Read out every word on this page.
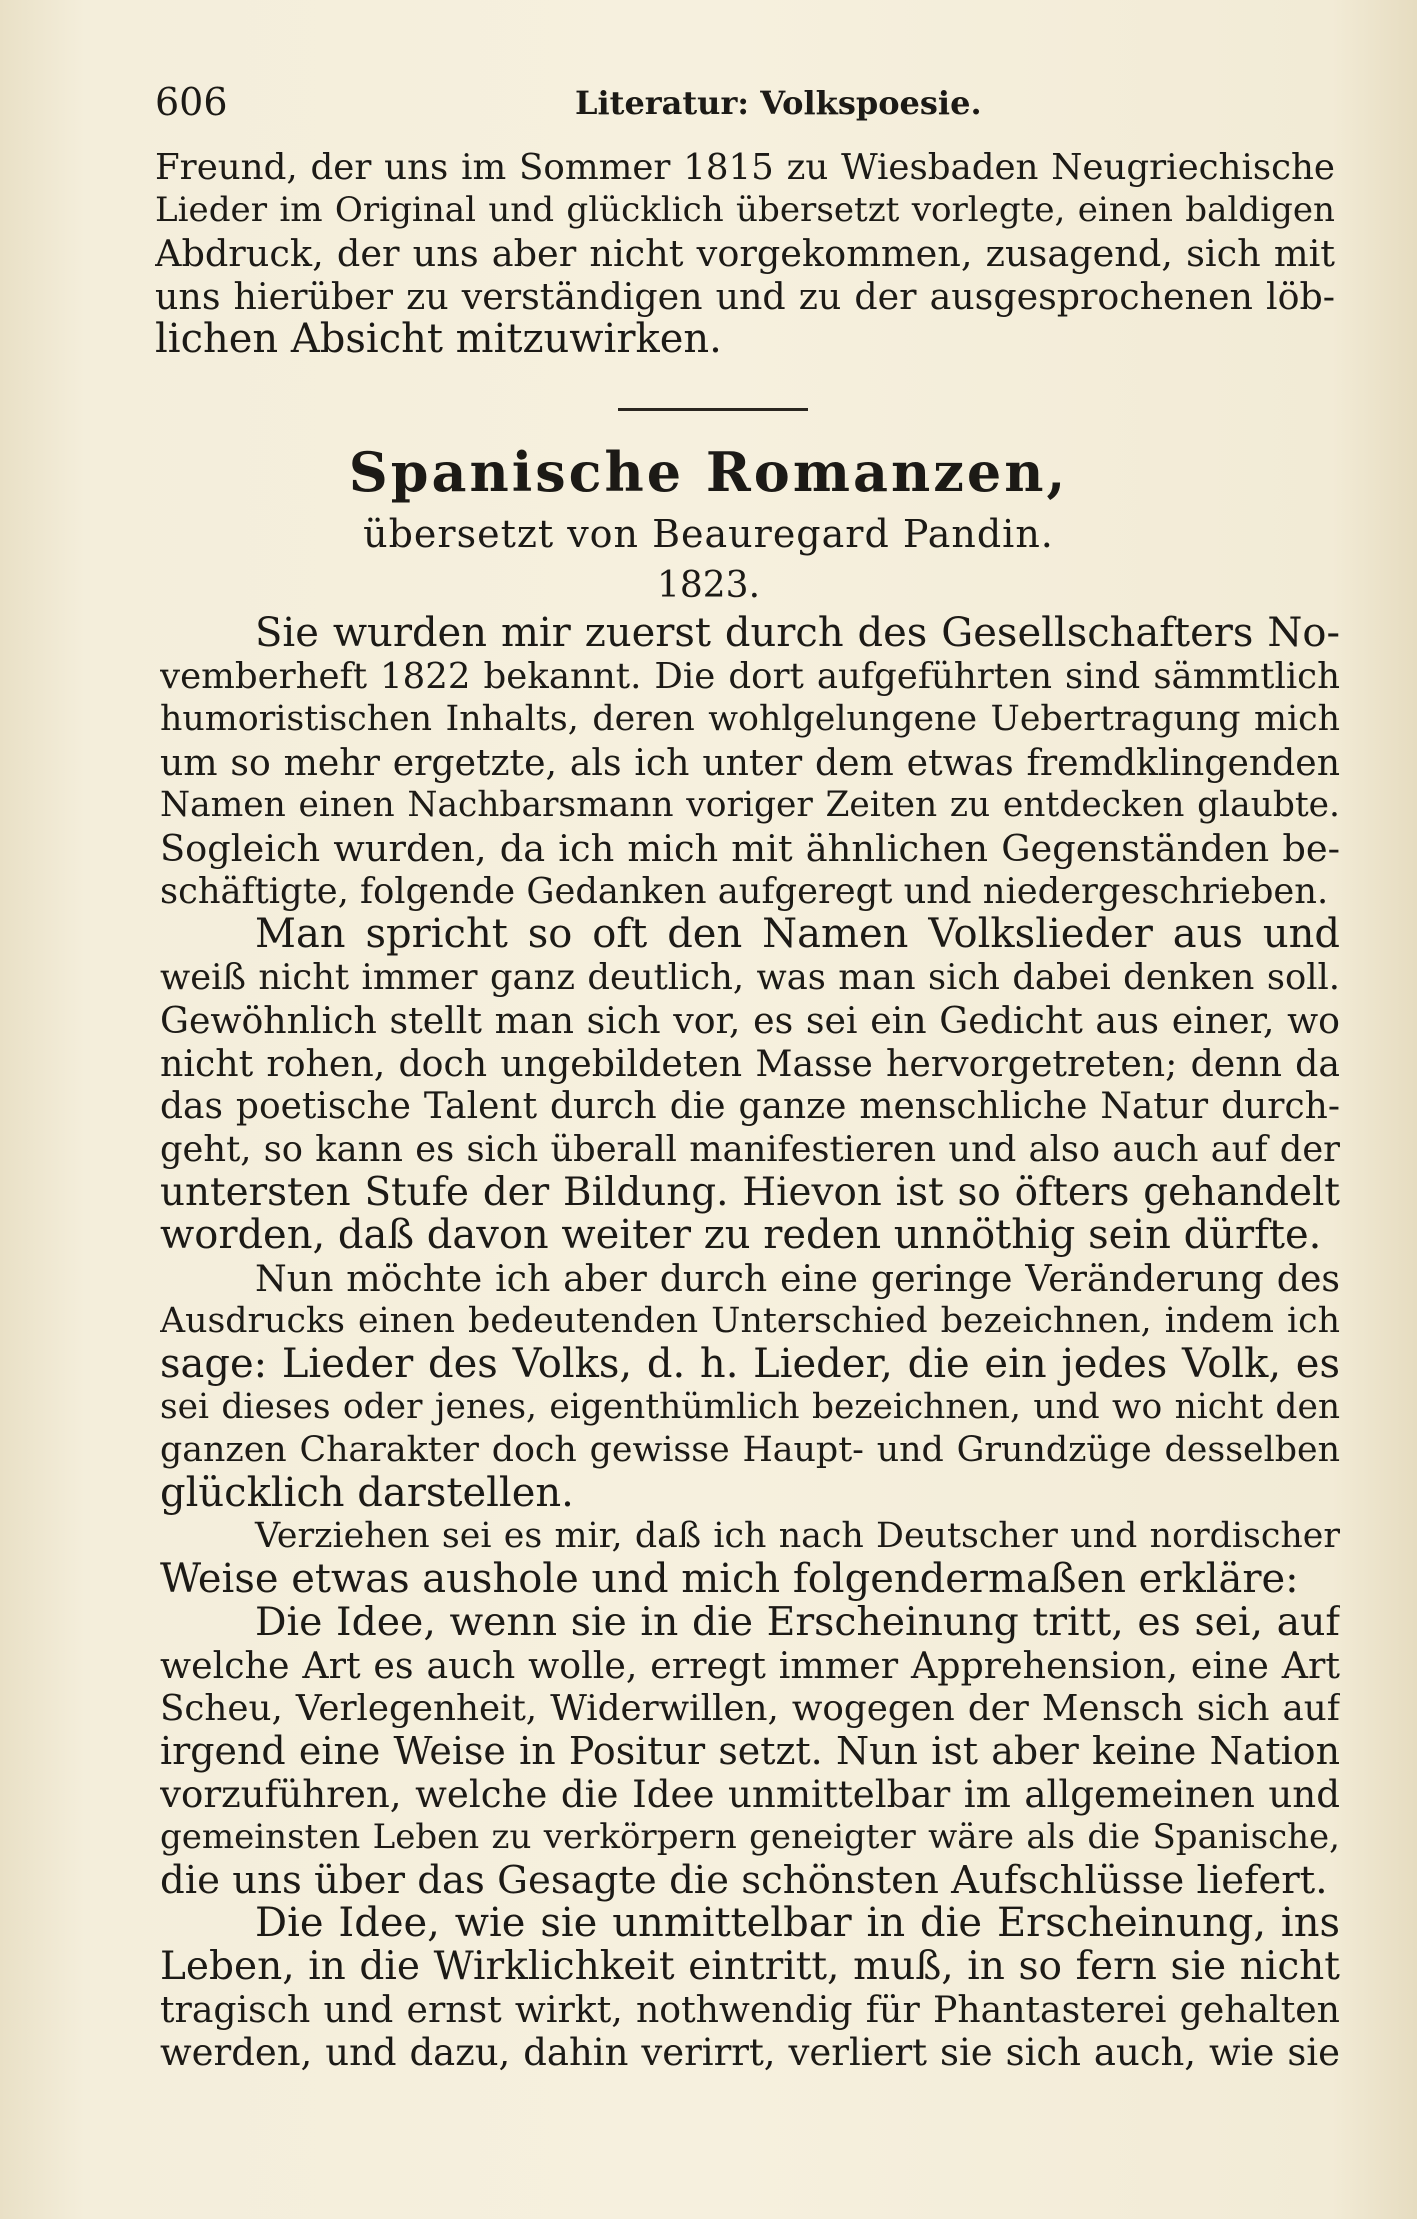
606	Literatur: Volkspoesie.
Freund, der uns im Sommer 1815 zu Wiesbaden Neugriechische
Lieder im Original und glücklich übersetzt vorlegte, einen baldigen
Abdruck, der uns aber nicht vorgekommen, zusagend, sich mit
uns hierüber zu verständigen und zu der ausgesprochenen löb-
lichen Absicht mitzuwirken.
Spanische Romanzen,
übersetzt von Beauregard Pandin.
1823.
Sie wurden mir zuerst durch des Gesellschafters No-
vemberheft 1822 bekannt. Die dort aufgeführten sind sämmtlich
humoristischen Inhalts, deren wohlgelungene Uebertragung mich
um so mehr ergetzte, als ich unter dem etwas fremdklingenden
Namen einen Nachbarsmann voriger Zeiten zu entdecken glaubte.
Sogleich wurden, da ich mich mit ähnlichen Gegenständen be-
schäftigte, folgende Gedanken aufgeregt und niedergeschrieben.
Man spricht so oft den Namen Volkslieder aus und
weiß nicht immer ganz deutlich, was man sich dabei denken soll.
Gewöhnlich stellt man sich vor, es sei ein Gedicht aus einer, wo
nicht rohen, doch ungebildeten Masse hervorgetreten; denn da
das poetische Talent durch die ganze menschliche Natur durch-
geht, so kann es sich überall manifestieren und also auch auf der
untersten Stufe der Bildung. Hievon ist so öfters gehandelt
worden, daß davon weiter zu reden unnöthig sein dürfte.
Nun möchte ich aber durch eine geringe Veränderung des
Ausdrucks einen bedeutenden Unterschied bezeichnen, indem ich
sage: Lieder des Volks, d. h. Lieder, die ein jedes Volk, es
sei dieses oder jenes, eigenthümlich bezeichnen, und wo nicht den
ganzen Charakter doch gewisse Haupt- und Grundzüge desselben
glücklich darstellen.
Verziehen sei es mir, daß ich nach Deutscher und nordischer
Weise etwas aushole und mich folgendermaßen erkläre:
Die Idee, wenn sie in die Erscheinung tritt, es sei, auf
welche Art es auch wolle, erregt immer Apprehension, eine Art
Scheu, Verlegenheit, Widerwillen, wogegen der Mensch sich auf
irgend eine Weise in Positur setzt. Nun ist aber keine Nation
vorzuführen, welche die Idee unmittelbar im allgemeinen und
gemeinsten Leben zu verkörpern geneigter wäre als die Spanische,
die uns über das Gesagte die schönsten Aufschlüsse liefert.
Die Idee, wie sie unmittelbar in die Erscheinung, ins
Leben, in die Wirklichkeit eintritt, muß, in so fern sie nicht
tragisch und ernst wirkt, nothwendig für Phantasterei gehalten
werden, und dazu, dahin verirrt, verliert sie sich auch, wie sie
